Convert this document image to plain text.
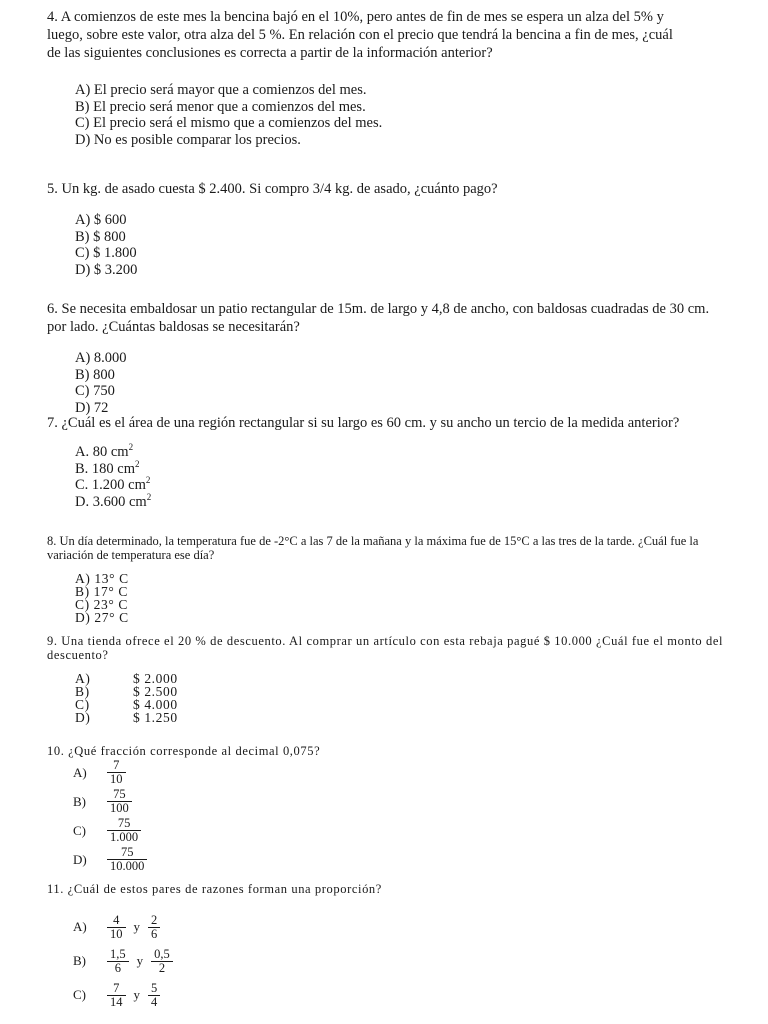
4. A comienzos de este mes la bencina bajó en el 10%, pero antes de fin de mes se espera un alza del 5% y luego, sobre este valor, otra alza del 5 %. En relación con el precio que tendrá la bencina a fin de mes, ¿cuál de las siguientes conclusiones es correcta a partir de la información anterior?

A) El precio será mayor que a comienzos del mes.
B) El precio será menor que a comienzos del mes.
C) El precio será el mismo que a comienzos del mes.
D) No es posible comparar los precios.

5. Un kg. de asado cuesta $ 2.400. Si compro 3/4 kg. de asado, ¿cuánto pago?

A) $ 600
B) $ 800
C) $ 1.800
D) $ 3.200

6. Se necesita embaldosar un patio rectangular de 15m. de largo y 4,8 de ancho, con baldosas cuadradas de 30 cm. por lado. ¿Cuántas baldosas se necesitarán?

A) 8.000
B) 800
C) 750
D) 72

7. ¿Cuál es el área de una región rectangular si su largo es 60 cm. y su ancho un tercio de la medida anterior?

A. 80 $cm^2$
B. 180 $cm^2$
C. 1.200 $cm^2$
D. 3.600 $cm^2$

8. Un día determinado, la temperatura fue de -2°C a las 7 de la mañana y la máxima fue de 15°C a las tres de la tarde. ¿Cuál fue la variación de temperatura ese día?

A) 13° C
B) 17° C
C) 23° C
D) 27° C

9. Una tienda ofrece el 20 % de descuento. Al comprar un artículo con esta rebaja pagué $ 10.000 ¿Cuál fue el monto del descuento?

A)	$ 2.000
B)	$ 2.500
C)	$ 4.000
D)	$ 1.250

10. ¿Qué fracción corresponde al decimal 0,075?

A)	$\frac{7}{10}$
B)	$\frac{75}{100}$
C)	$\frac{75}{1.000}$
D)	$\frac{75}{10.000}$

11. ¿Cuál de estos pares de razones forman una proporción?

A)	$\frac{4}{10}$ y $\frac{2}{6}$
B)	$\frac{1,5}{6}$ y $\frac{0,5}{2}$
C)	$\frac{7}{14}$ y $\frac{5}{4}$
